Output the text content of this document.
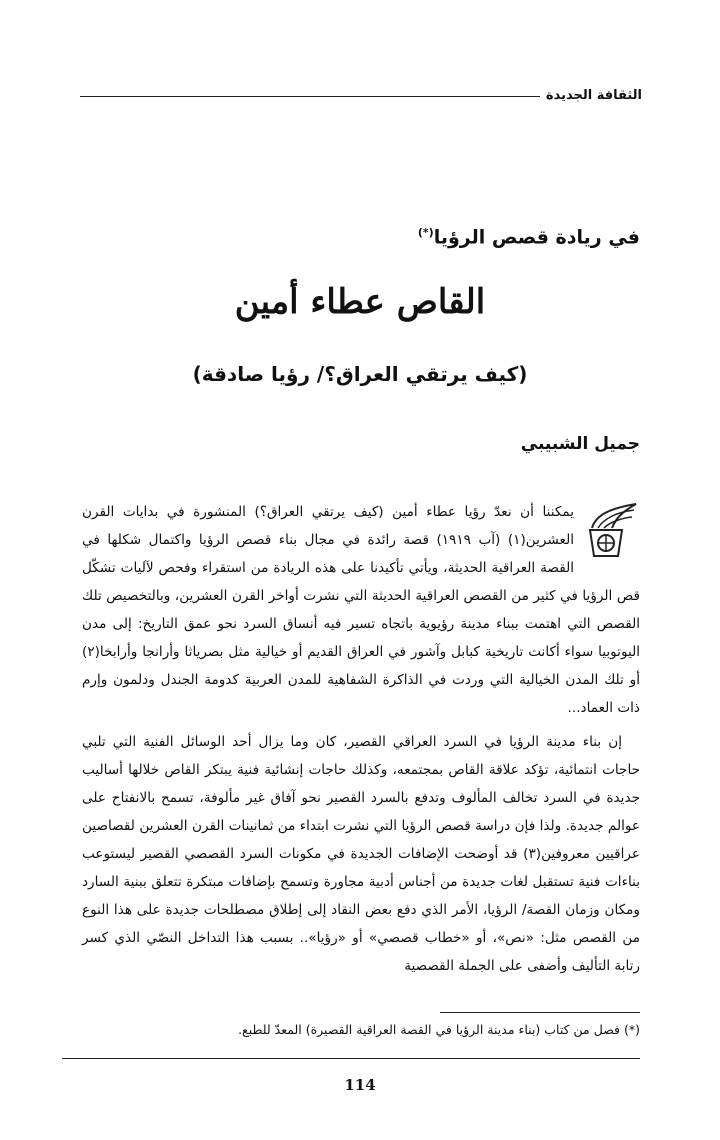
الثقافة الجديدة
في ريادة قصص الرؤيا(*)
القاص عطاء أمين
(كيف يرتقي العراق؟/ رؤيا صادقة)
جميل الشبيبي

يمكننا أن نعدّ رؤيا عطاء أمين (كيف يرتقي العراق؟) المنشورة في بدايات القرن العشرين(١) (آب ١٩١٩) قصة رائدة في مجال بناء قصص الرؤيا واكتمال شكلها في القصة العراقية الحديثة، ويأتي تأكيدنا على هذه الريادة من استقراء وفحص لآليات تشكّل قص الرؤيا في كثير من القصص العراقية الحديثة التي نشرت أواخر القرن العشرين، وبالتخصيص تلك القصص التي اهتمت ببناء مدينة رؤيوية باتجاه تسير فيه أنساق السرد نحو عمق التاريخ: إلى مدن اليوتوبيا سواء أكانت تاريخية كبابل وآشور في العراق القديم أو خيالية مثل بصرياثا وأرانجا وأرابخا(٢) أو تلك المدن الخيالية التي وردت في الذاكرة الشفاهية للمدن العربية كدومة الجندل ودلمون وإرم ذات العماد...

إن بناء مدينة الرؤيا في السرد العراقي القصير، كان وما يزال أحد الوسائل الفنية التي تلبي حاجات انتمائية، تؤكد علاقة القاص بمجتمعه، وكذلك حاجات إنشائية فنية يبتكر القاص خلالها أساليب جديدة في السرد تخالف المألوف وتدفع بالسرد القصير نحو آفاق غير مألوفة، تسمح بالانفتاح على عوالم جديدة. ولذا فإن دراسة قصص الرؤيا التي نشرت ابتداء من ثمانينات القرن العشرين لقصاصين عراقيين معروفين(٣) قد أوضحت الإضافات الجديدة في مكونات السرد القصصي القصير ليستوعب بناءات فنية تستقبل لغات جديدة من أجناس أدبية مجاورة وتسمح بإضافات مبتكرة تتعلق ببنية السارد ومكان وزمان القصة/ الرؤيا، الأمر الذي دفع بعض النقاد إلى إطلاق مصطلحات جديدة على هذا النوع من القصص مثل: «نص»، أو «خطاب قصصي» أو «رؤيا».. بسبب هذا التداخل النصّي الذي كسر رتابة التأليف وأضفى على الجملة القصصية

(*) فصل من كتاب (بناء مدينة الرؤيا في القصة العراقية القصيرة) المعدّ للطبع.
114
